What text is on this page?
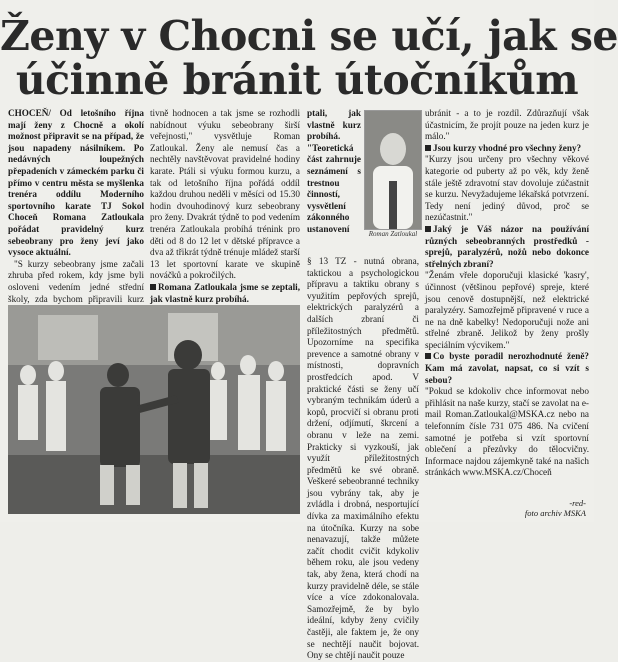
Ženy v Chocni se učí, jak se
účinně bránit útočníkům

CHOCEŇ/ Od letošního října mají ženy z Chocně a okolí možnost připravit se na případ, že jsou napadeny násilníkem. Po nedávných loupežných přepadeních v zámeckém parku či přímo v centru města se myšlenka trenéra oddílu Moderního sportovního karate TJ Sokol Choceň Romana Zatloukala pořádat pravidelný kurz sebeobrany pro ženy jeví jako vysoce aktuální.

"S kurzy sebeobrany jsme začali zhruba před rokem, kdy jsme byli osloveni vedením jedné střední školy, zda bychom připravili kurz

tivně hodnocen a tak jsme se rozhodli nabídnout výuku sebeobrany širší veřejnosti," vysvětluje Roman Zatloukal. Ženy ale nemusí čas a nechtěly navštěvovat pravidelné hodiny karate. Ptáli si výuku formou kurzu, a tak od letošního října pořádá oddíl každou druhou neděli v měsíci od 15.30 hodin dvouhodinový kurz sebeobrany pro ženy. Dvakrát týdně to pod vedením trenéra Zatloukala probíhá trénink pro děti od 8 do 12 let v dětské přípravce a dva až třikrát týdně trénuje mládež starší 13 let sportovní karate ve skupině nováčků a pokročilých.

Romana Zatloukala jsme se zeptali, jak vlastně kurz probíhá.

ptali, jak vlastně kurz probíhá. "Teoretická část zahrnuje seznámení s trestnou činností, vysvětlení zákonného ustanovení

Roman Zatloukal

§ 13 TZ - nutná obrana, taktickou a psychologickou přípravu a taktiku obrany s využitím pepřových sprejů, elektrických paralyzérů a dalších zbraní či příležitostných předmětů. Upozorníme na specifika prevence a samotné obrany v místnosti, dopravních prostředcích apod. V praktické části se ženy učí vybraným technikám úderů a kopů, procvičí si obranu proti držení, odjímutí, škrcení a obranu v leže na zemi. Prakticky si vyzkouší, jak využít příležitostných předmětů ke své obraně. Veškeré sebeobranné techniky jsou vybrány tak, aby je zvládla i drobná, nesportující dívka za maximálního efektu na útočníka. Kurzy na sobe nenavazují, takže můžete začít chodit cvičit kdykoliv během roku, ale jsou vedeny tak, aby žena, která chodí na kurzy pravidelně déle, se stále více a více zdokonalovala. Samozřejmě, že by bylo ideální, kdyby ženy cvičily častěji, ale faktem je, že ony se nechtějí naučit bojovat. Ony se chtějí naučit pouze

ubránit - a to je rozdíl. Zdůrazňují však účastnicím, že projít pouze na jeden kurz je málo."

Jsou kurzy vhodné pro všechny ženy?

"Kurzy jsou určeny pro všechny věkové kategorie od puberty až po věk, kdy ženě stále ještě zdravotní stav dovoluje zúčastnit se kurzu. Nevyžadujeme lékařská potvrzení. Tedy není jediný důvod, proč se nezúčastnit."

Jaký je Váš názor na používání různých sebeobranných prostředků - sprejů, paralyzérů, nožů nebo dokonce střelných zbraní?

"Ženám vřele doporučuji klasické 'kasry', účinnost (většinou pepřové) spreje, které jsou cenově dostupnější, než elektrické paralyzéry. Samozřejmě připravené v ruce a ne na dně kabelky! Nedoporučuji nože ani střelné zbraně. Jelikož by ženy prošly speciálním výcvikem."

Co byste poradil nerozhodnuté ženě? Kam má zavolat, napsat, co si vzít s sebou?

"Pokud se kdokoliv chce informovat nebo přihlásit na naše kurzy, stačí se zavolat na e-mail Roman.Zatloukal@MSKA.cz nebo na telefonním čísle 731 075 486. Na cvičení samotné je potřeba si vzít sportovní oblečení a přezůvky do tělocvičny. Informace najdou zájemkyně také na našich stránkách www.MSKA.cz/Choceň

-red-
foto archiv MSKA
